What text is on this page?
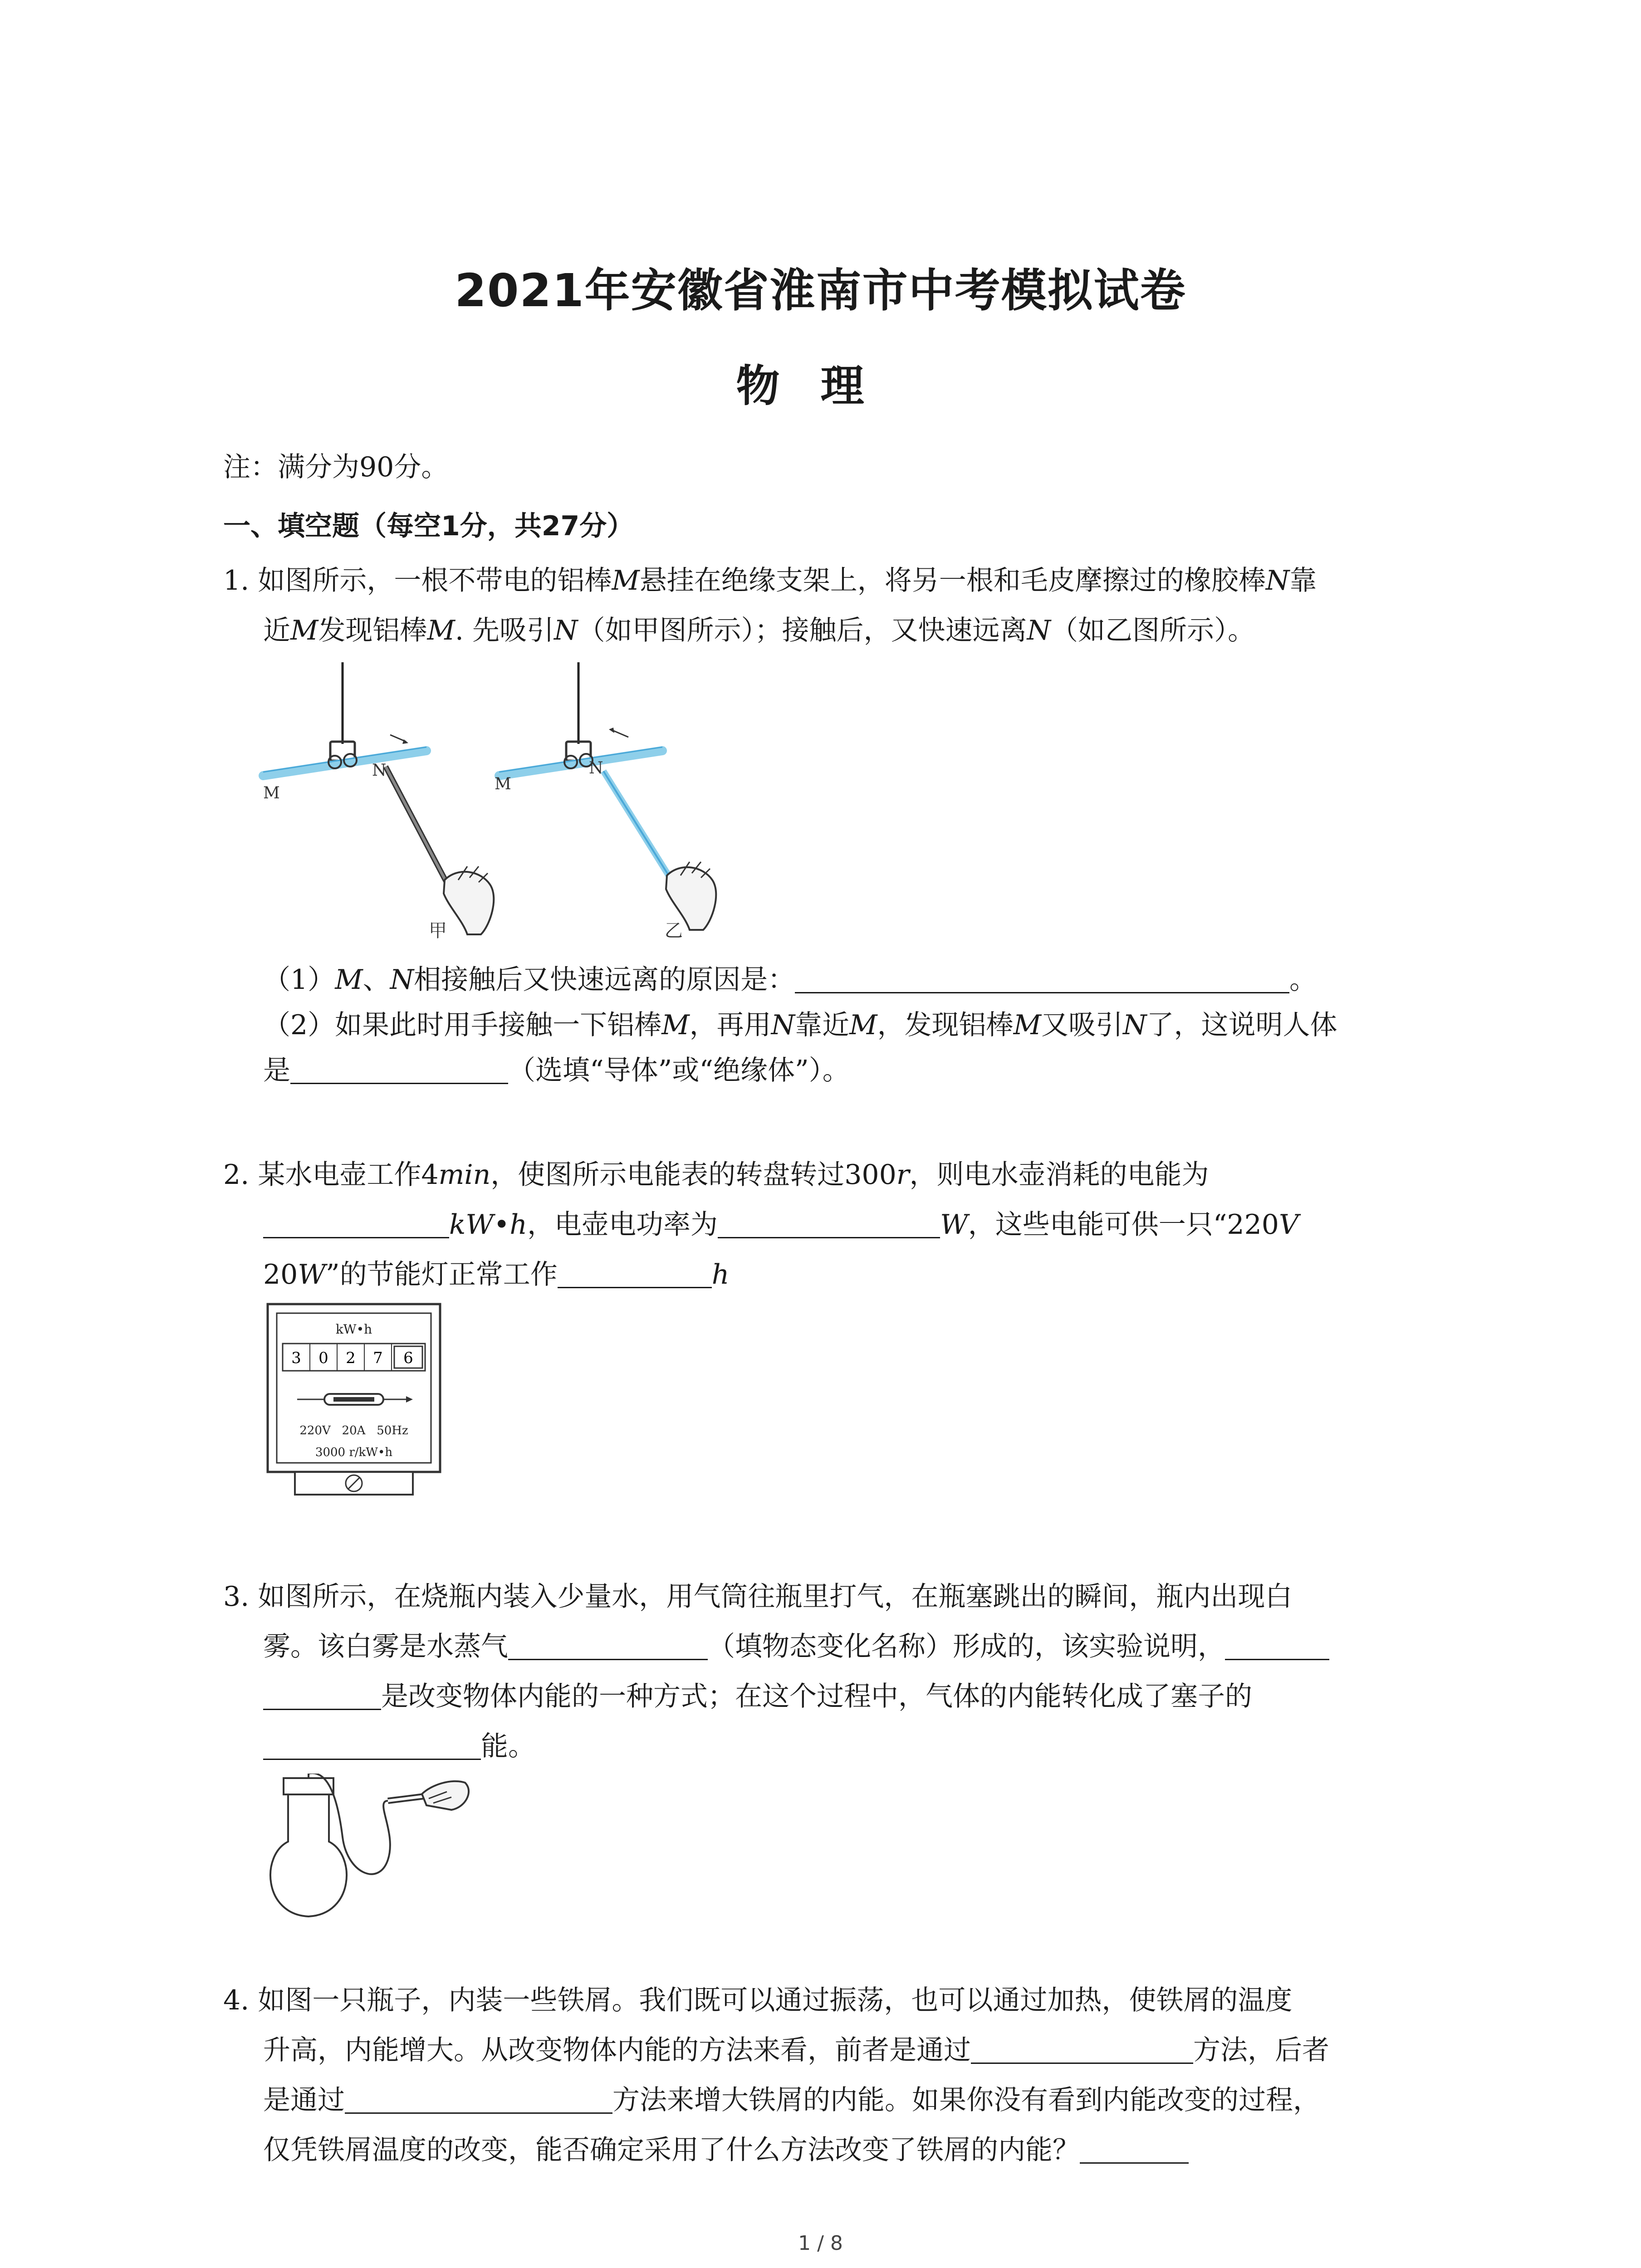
2021年安徽省淮南市中考模拟试卷
物理
注：满分为90分。
一、填空题（每空1分，共27分）
1. 如图所示，一根不带电的铝棒M悬挂在绝缘支架上，将另一根和毛皮摩擦过的橡胶棒N靠
近M发现铝棒M. 先吸引N（如甲图所示）；接触后，又快速远离N（如乙图所示）。
M
N
甲
M
N
乙
（1）M、N相接触后又快速远离的原因是：	。
（2）如果此时用手接触一下铝棒M，再用N靠近M，发现铝棒M又吸引N了，这说明人体
是	（选填“导体”或“绝缘体”）。
2. 某水电壶工作4min，使图所示电能表的转盘转过300r，则电水壶消耗的电能为
kW•h，电壶电功率为	W，这些电能可供一只“220V
20W”的节能灯正常工作	h
kW•h
3 0 2 7 6
220V   20A   50Hz
3000 r/kW•h
3. 如图所示，在烧瓶内装入少量水，用气筒往瓶里打气，在瓶塞跳出的瞬间，瓶内出现白
雾。该白雾是水蒸气	（填物态变化名称）形成的，该实验说明，
是改变物体内能的一种方式；在这个过程中，气体的内能转化成了塞子的
能。
4. 如图一只瓶子，内装一些铁屑。我们既可以通过振荡，也可以通过加热，使铁屑的温度
升高，内能增大。从改变物体内能的方法来看，前者是通过	方法，后者
是通过	方法来增大铁屑的内能。如果你没有看到内能改变的过程，
仅凭铁屑温度的改变，能否确定采用了什么方法改变了铁屑的内能？
1 / 8
